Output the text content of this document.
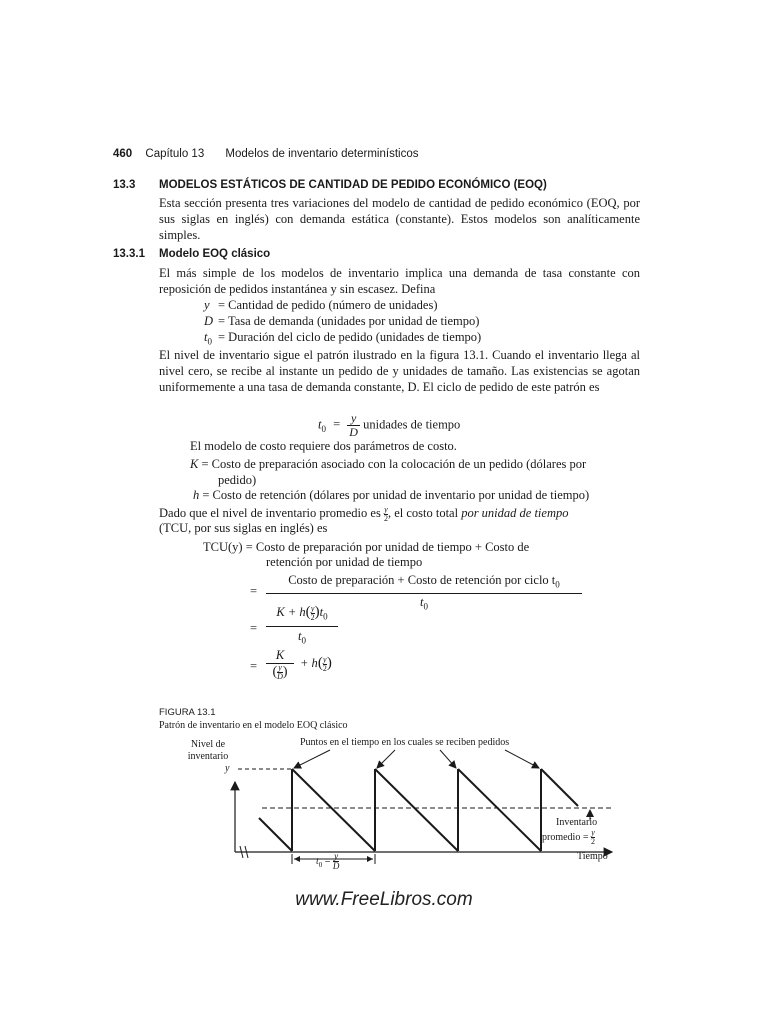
460 Capítulo 13 Modelos de inventario determinísticos
13.3 MODELOS ESTÁTICOS DE CANTIDAD DE PEDIDO ECONÓMICO (EOQ)
Esta sección presenta tres variaciones del modelo de cantidad de pedido económico (EOQ, por sus siglas en inglés) con demanda estática (constante). Estos modelos son analíticamente simples.
13.3.1 Modelo EOQ clásico
El más simple de los modelos de inventario implica una demanda de tasa constante con reposición de pedidos instantánea y sin escasez. Defina
y = Cantidad de pedido (número de unidades)
D = Tasa de demanda (unidades por unidad de tiempo)
$t_0$ = Duración del ciclo de pedido (unidades de tiempo)
El nivel de inventario sigue el patrón ilustrado en la figura 13.1. Cuando el inventario llega al nivel cero, se recibe al instante un pedido de y unidades de tamaño. Las existencias se agotan uniformemente a una tasa de demanda constante, D. El ciclo de pedido de este patrón es
$t_0 = \frac{y}{D}$ unidades de tiempo
El modelo de costo requiere dos parámetros de costo.
K = Costo de preparación asociado con la colocación de un pedido (dólares por
pedido)
h = Costo de retención (dólares por unidad de inventario por unidad de tiempo)
Dado que el nivel de inventario promedio es $\frac{y}{2}$, el costo total por unidad de tiempo
(TCU, por sus siglas en inglés) es
TCU(y) = Costo de preparación por unidad de tiempo + Costo de
retención por unidad de tiempo
=
Costo de preparación + Costo de retención por ciclo $t_0$
$t_0$
=
$K + h( \frac{y}{2})t_0$
$t_0$
=
K
( $\frac{y}{D}$)
+ $h( \frac{y}{2})$
FIGURA 13.1
Patrón de inventario en el modelo EOQ clásico
Nivel de
inventario
y
Puntos en el tiempo en los cuales se reciben pedidos
Inventario
promedio = $\frac{y}{2}$
Tiempo
$t_0 = \frac{y}{D}$
www.FreeLibros.com
